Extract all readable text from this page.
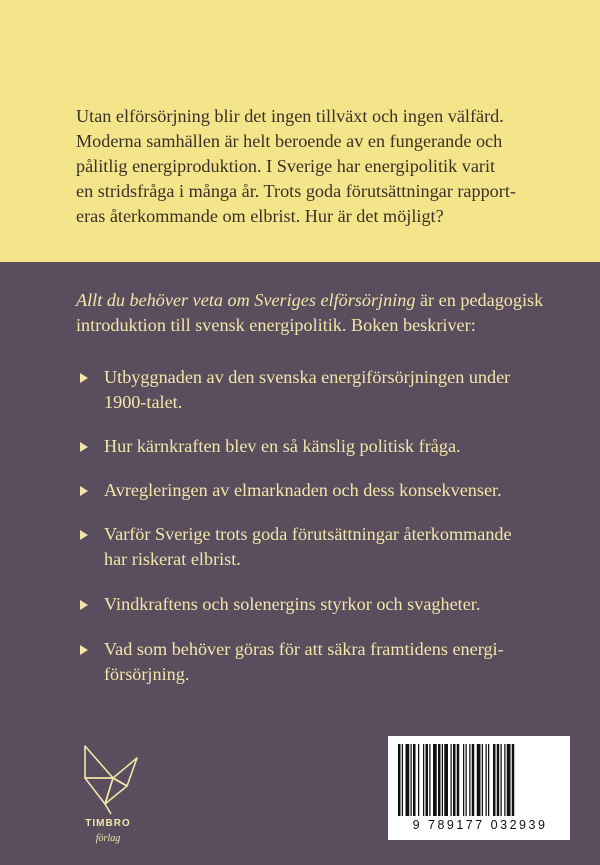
Utan elförsörjning blir det ingen tillväxt och ingen välfärd.
Moderna samhällen är helt beroende av en fungerande och
pålitlig energiproduktion. I Sverige har energipolitik varit
en stridsfråga i många år. Trots goda förutsättningar rapport-
eras återkommande om elbrist. Hur är det möjligt?
Allt du behöver veta om Sveriges elförsörjning är en pedagogisk introduktion till svensk energipolitik. Boken beskriver:
Utbyggnaden av den svenska energiförsörjningen under
1900-talet.
Hur kärnkraften blev en så känslig politisk fråga.
Avregleringen av elmarknaden och dess konsekvenser.
Varför Sverige trots goda förutsättningar återkommande
har riskerat elbrist.
Vindkraftens och solenergins styrkor och svagheter.
Vad som behöver göras för att säkra framtidens energi-
försörjning.
TIMBRO
förlag
9 789177 032939
